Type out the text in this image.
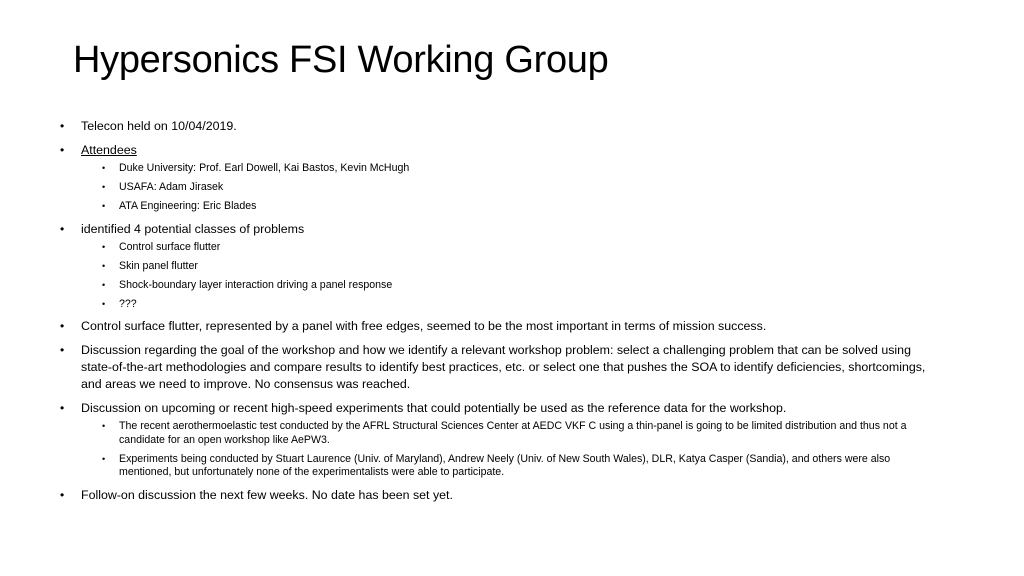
Hypersonics FSI Working Group
•	Telecon held on 10/04/2019.
•	Attendees
• Duke University: Prof. Earl Dowell, Kai Bastos, Kevin McHugh
• USAFA: Adam Jirasek
• ATA Engineering: Eric Blades
•	identified 4 potential classes of problems
• Control surface flutter
• Skin panel flutter
• Shock-boundary layer interaction driving a panel response
• ???
•	Control surface flutter, represented by a panel with free edges, seemed to be the most important in terms of mission success.
•	Discussion regarding the goal of the workshop and how we identify a relevant workshop problem: select a challenging problem that can be solved using state-of-the-art methodologies and compare results to identify best practices, etc. or select one that pushes the SOA to identify deficiencies, shortcomings, and areas we need to improve. No consensus was reached.
•	Discussion on upcoming or recent high-speed experiments that could potentially be used as the reference data for the workshop.
• The recent aerothermoelastic test conducted by the AFRL Structural Sciences Center at AEDC VKF C using a thin-panel is going to be limited distribution and thus not a candidate for an open workshop like AePW3.
• Experiments being conducted by Stuart Laurence (Univ. of Maryland), Andrew Neely (Univ. of New South Wales), DLR, Katya Casper (Sandia), and others were also mentioned, but unfortunately none of the experimentalists were able to participate.
•	Follow-on discussion the next few weeks. No date has been set yet.
